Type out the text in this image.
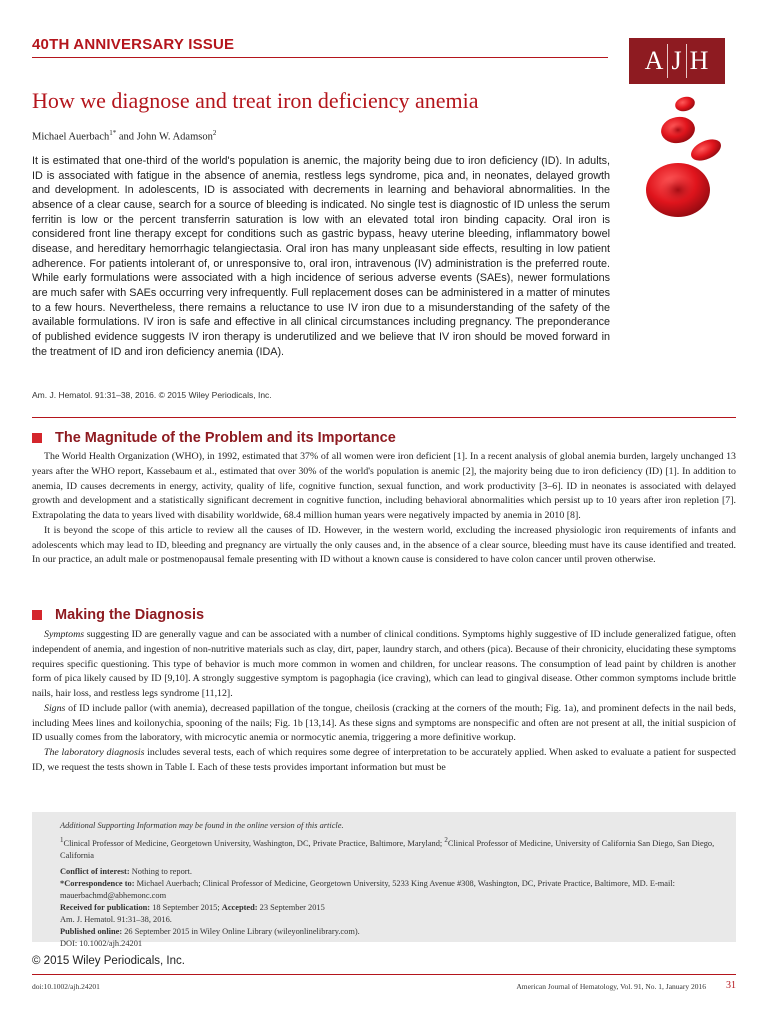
40TH ANNIVERSARY ISSUE
A J H
How we diagnose and treat iron deficiency anemia
Michael Auerbach$^{1*}$ and John W. Adamson$^2$
It is estimated that one-third of the world's population is anemic, the majority being due to iron deficiency (ID). In adults, ID is associated with fatigue in the absence of anemia, restless legs syndrome, pica and, in neonates, delayed growth and development. In adolescents, ID is associated with decrements in learning and behavioral abnormalities. In the absence of a clear cause, search for a source of bleeding is indicated. No single test is diagnostic of ID unless the serum ferritin is low or the percent transferrin saturation is low with an elevated total iron binding capacity. Oral iron is considered front line therapy except for conditions such as gastric bypass, heavy uterine bleeding, inflammatory bowel disease, and hereditary hemorrhagic telangiectasia. Oral iron has many unpleasant side effects, resulting in low patient adherence. For patients intolerant of, or unresponsive to, oral iron, intravenous (IV) administration is the preferred route. While early formulations were associated with a high incidence of serious adverse events (SAEs), newer formulations are much safer with SAEs occurring very infrequently. Full replacement doses can be administered in a matter of minutes to a few hours. Nevertheless, there remains a reluctance to use IV iron due to a misunderstanding of the safety of the available formulations. IV iron is safe and effective in all clinical circumstances including pregnancy. The preponderance of published evidence suggests IV iron therapy is underutilized and we believe that IV iron should be moved forward in the treatment of ID and iron deficiency anemia (IDA).
Am. J. Hematol. 91:31–38, 2016. © 2015 Wiley Periodicals, Inc.
The Magnitude of the Problem and its Importance

The World Health Organization (WHO), in 1992, estimated that 37% of all women were iron deficient [1]. In a recent analysis of global anemia burden, largely unchanged 13 years after the WHO report, Kassebaum et al., estimated that over 30% of the world's population is anemic [2], the majority being due to iron deficiency (ID) [1]. In addition to anemia, ID causes decrements in energy, activity, quality of life, cognitive function, sexual function, and work productivity [3–6]. ID in neonates is associated with delayed growth and development and a statistically significant decrement in cognitive function, including behavioral abnormalities which persist up to 10 years after iron repletion [7]. Extrapolating the data to years lived with disability worldwide, 68.4 million human years were negatively impacted by anemia in 2010 [8].

It is beyond the scope of this article to review all the causes of ID. However, in the western world, excluding the increased physiologic iron requirements of infants and adolescents which may lead to ID, bleeding and pregnancy are virtually the only causes and, in the absence of a clear source, bleeding must have its cause identified and treated. In our practice, an adult male or postmenopausal female presenting with ID without a known cause is considered to have colon cancer until proven otherwise.

Making the Diagnosis

Symptoms suggesting ID are generally vague and can be associated with a number of clinical conditions. Symptoms highly suggestive of ID include generalized fatigue, often independent of anemia, and ingestion of non-nutritive materials such as clay, dirt, paper, laundry starch, and others (pica). Because of their chronicity, elucidating these symptoms requires specific questioning. This type of behavior is much more common in women and children, for unclear reasons. The consumption of lead paint by children is another form of pica likely caused by ID [9,10]. A strongly suggestive symptom is pagophagia (ice craving), which can lead to gingival disease. Other common symptoms include brittle nails, hair loss, and restless legs syndrome [11,12].

Signs of ID include pallor (with anemia), decreased papillation of the tongue, cheilosis (cracking at the corners of the mouth; Fig. 1a), and prominent defects in the nail beds, including Mees lines and koilonychia, spooning of the nails; Fig. 1b [13,14]. As these signs and symptoms are nonspecific and often are not present at all, the initial suspicion of ID usually comes from the laboratory, with microcytic anemia or normocytic anemia, triggering a more definitive workup.

The laboratory diagnosis includes several tests, each of which requires some degree of interpretation to be accurately applied. When asked to evaluate a patient for suspected ID, we request the tests shown in Table I. Each of these tests provides important information but must be

Additional Supporting Information may be found in the online version of this article.

$^1$Clinical Professor of Medicine, Georgetown University, Washington, DC, Private Practice, Baltimore, Maryland; $^2$Clinical Professor of Medicine, University of California San Diego, San Diego, California

Conflict of interest: Nothing to report.

*Correspondence to: Michael Auerbach; Clinical Professor of Medicine, Georgetown University, 5233 King Avenue #308, Washington, DC, Private Practice, Baltimore, MD. E-mail: mauerbachmd@abhemonc.com

Received for publication: 18 September 2015; Accepted: 23 September 2015

Am. J. Hematol. 91:31–38, 2016.

Published online: 26 September 2015 in Wiley Online Library (wileyonlinelibrary.com).

DOI: 10.1002/ajh.24201

© 2015 Wiley Periodicals, Inc.
doi:10.1002/ajh.24201	American Journal of Hematology, Vol. 91, No. 1, January 2016 31
